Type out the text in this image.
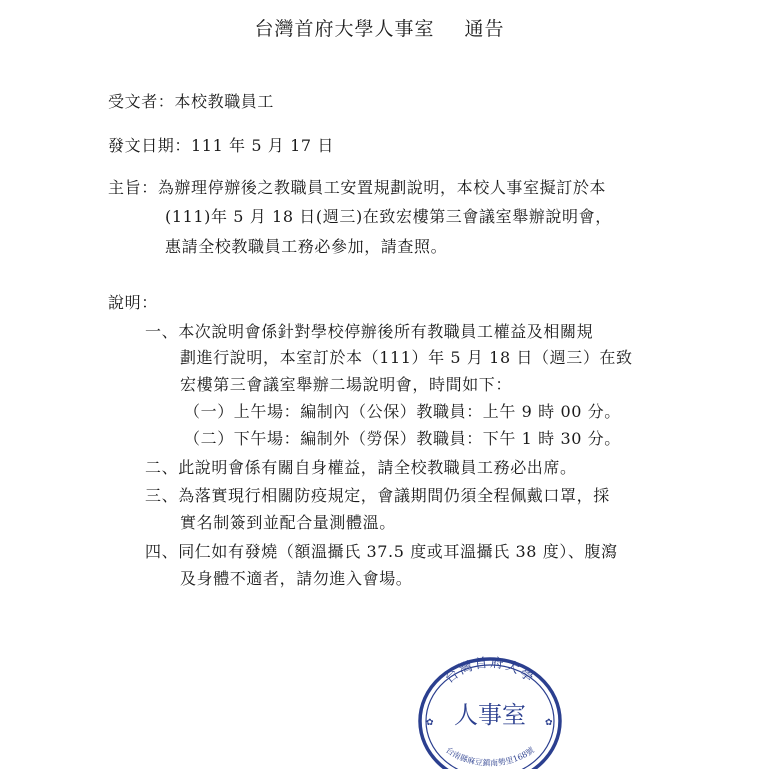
台灣首府大學人事室 通告
受文者：本校教職員工
發文日期：111 年 5 月 17 日
主旨：為辦理停辦後之教職員工安置規劃說明，本校人事室擬訂於本
(111)年 5 月 18 日(週三)在致宏樓第三會議室舉辦說明會，
惠請全校教職員工務必參加，請查照。
說明：
一、本次說明會係針對學校停辦後所有教職員工權益及相關規
劃進行說明，本室訂於本（111）年 5 月 18 日（週三）在致
宏樓第三會議室舉辦二場說明會，時間如下：
（一）上午場：編制內（公保）教職員：上午 9 時 00 分。
（二）下午場：編制外（勞保）教職員：下午 1 時 30 分。
二、此說明會係有關自身權益，請全校教職員工務必出席。
三、為落實現行相關防疫規定，會議期間仍須全程佩戴口罩，採
實名制簽到並配合量測體溫。
四、同仁如有發燒（額溫攝氏 37.5 度或耳溫攝氏 38 度）、腹瀉
及身體不適者，請勿進入會場。
台灣首府大學
人事室
台南縣麻豆鎮南勢里168號
✿	✿
